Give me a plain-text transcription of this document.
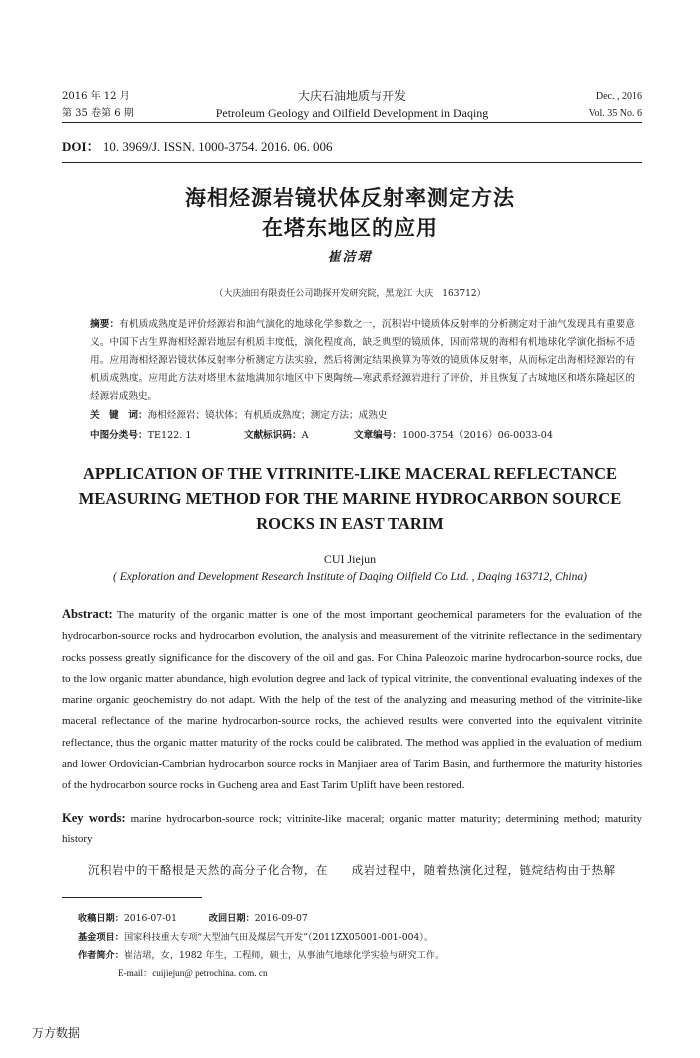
2016 年 12 月
第 35 卷第 6 期
大庆石油地质与开发
Petroleum Geology and Oilfield Development in Daqing
Dec. , 2016
Vol. 35 No. 6
DOI： 10. 3969/J. ISSN. 1000-3754. 2016. 06. 006
海相烃源岩镜状体反射率测定方法
在塔东地区的应用
崔洁珺
（大庆油田有限责任公司勘探开发研究院，黑龙江 大庆　163712）
摘要：有机质成熟度是评价烃源岩和油气演化的地球化学参数之一，沉积岩中镜质体反射率的分析测定对于油气发现具有重要意义。中国下古生界海相烃源岩地层有机质丰度低，演化程度高，缺乏典型的镜质体，因而常规的海相有机地球化学演化指标不适用。应用海相烃源岩镜状体反射率分析测定方法实验，然后将测定结果换算为等效的镜质体反射率，从而标定出海相烃源岩的有机质成熟度。应用此方法对塔里木盆地满加尔地区中下奥陶统—寒武系烃源岩进行了评价，并且恢复了古城地区和塔东隆起区的烃源岩成熟史。
关　键　词：海相烃源岩；镜状体；有机质成熟度；测定方法；成熟史
中图分类号：TE122. 1	文献标识码：A	文章编号：1000-3754（2016）06-0033-04
APPLICATION OF THE VITRINITE-LIKE MACERAL REFLECTANCE
MEASURING METHOD FOR THE MARINE HYDROCARBON SOURCE
ROCKS IN EAST TARIM
CUI Jiejun
( Exploration and Development Research Institute of Daqing Oilfield Co Ltd. , Daqing 163712, China)
Abstract: The maturity of the organic matter is one of the most important geochemical parameters for the evaluation of the hydrocarbon-source rocks and hydrocarbon evolution, the analysis and measurement of the vitrinite reflectance in the sedimentary rocks possess greatly significance for the discovery of the oil and gas. For China Paleozoic marine hydrocarbon-source rocks, due to the low organic matter abundance, high evolution degree and lack of typical vitrinite, the conventional evaluating indexes of the marine organic geochemistry do not adapt. With the help of the test of the analyzing and measuring method of the vitrinite-like maceral reflectance of the marine hydrocarbon-source rocks, the achieved results were converted into the equivalent vitrinite reflectance, thus the organic matter maturity of the rocks could be calibrated. The method was applied in the evaluation of medium and lower Ordovician-Cambrian hydrocarbon source rocks in Manjiaer area of Tarim Basin, and furthermore the maturity histories of the hydrocarbon source rocks in Gucheng area and East Tarim Uplift have been restored.
Key words: marine hydrocarbon-source rock; vitrinite-like maceral; organic matter maturity; determining method; maturity history
沉积岩中的干酪根是天然的高分子化合物，在　　成岩过程中，随着热演化过程，链烷结构由于热解
收稿日期：2016-07-01	改回日期：2016-09-07
基金项目：国家科技重大专项“大型油气田及煤层气开发”（2011ZX05001-001-004）。
作者简介：崔洁珺，女，1982 年生，工程师，硕士，从事油气地球化学实验与研究工作。
E-mail：cuijiejun@ petrochina. com. cn
万方数据
